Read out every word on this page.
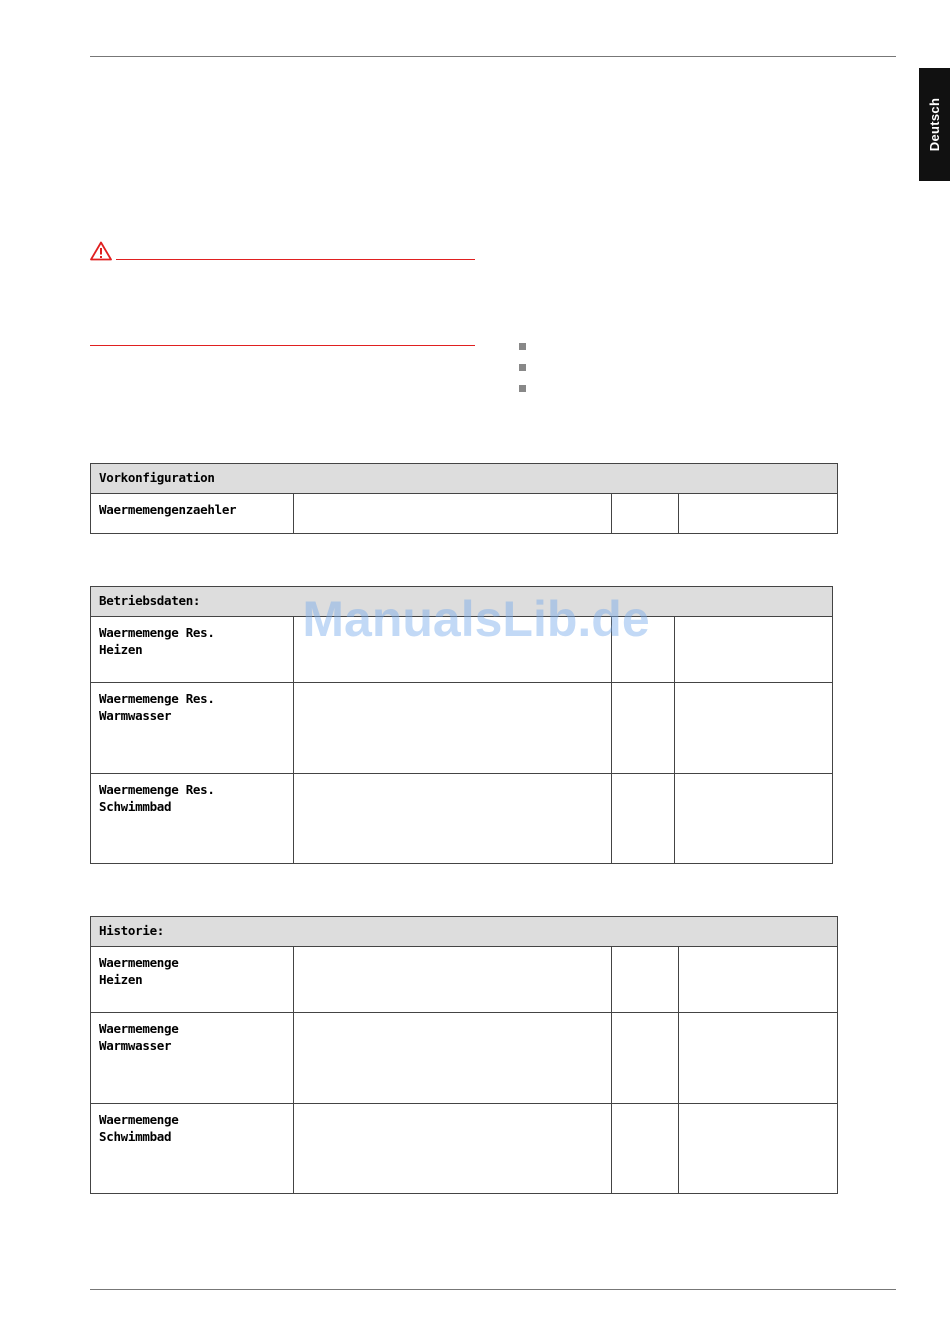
Deutsch
Vorkonfiguration
Waermemengenzaehler			
Betriebsdaten:			
Waermemenge Res.
Heizen			
Waermemenge Res.
Warmwasser			
Waermemenge Res.
Schwimmbad			
Historie:			
Waermemenge
Heizen			
Waermemenge
Warmwasser			
Waermemenge
Schwimmbad			
ManualsLib.de
